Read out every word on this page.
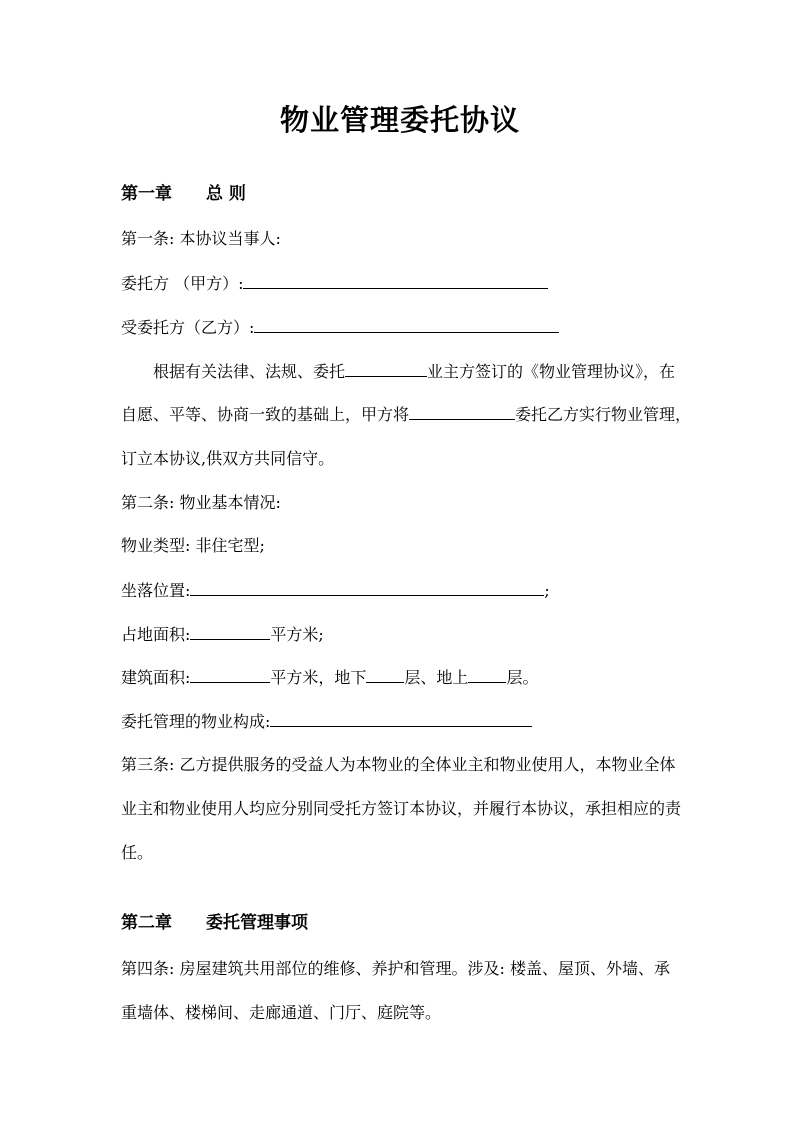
物业管理委托协议
第一章 总 则
第一条: 本协议当事人:
委托方 （甲方）:
受委托方（乙方）:
根据有关法律、法规、委托	业主方签订的《物业管理协议》，在
自愿、平等、协商一致的基础上，甲方将	委托乙方实行物业管理，
订立本协议,供双方共同信守。
第二条: 物业基本情况:
物业类型: 非住宅型;
坐落位置:	;
占地面积:	平方米;
建筑面积:	平方米，地下 层、地上 层。
委托管理的物业构成:
第三条: 乙方提供服务的受益人为本物业的全体业主和物业使用人，本物业全体
业主和物业使用人均应分别同受托方签订本协议，并履行本协议，承担相应的责
任。
第二章 委托管理事项
第四条: 房屋建筑共用部位的维修、养护和管理。涉及: 楼盖、屋顶、外墙、承
重墙体、楼梯间、走廊通道、门厅、庭院等。
